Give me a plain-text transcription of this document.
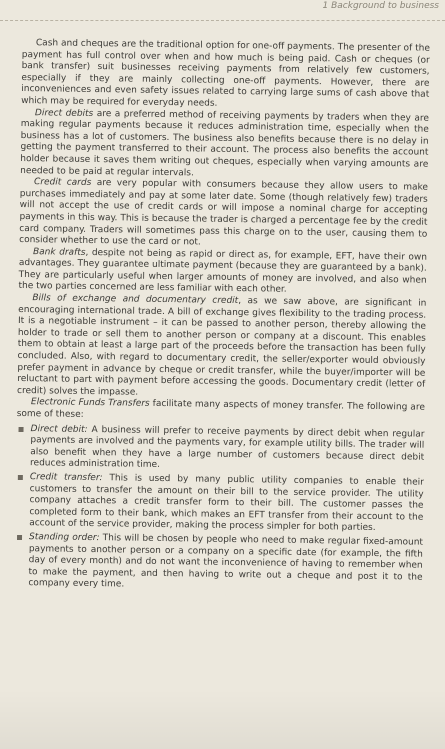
1 Background to business

Cash and cheques are the traditional option for one-off payments. The presenter of the payment has full control over when and how much is being paid. Cash or cheques (or bank transfer) suit businesses receiving payments from relatively few customers, especially if they are mainly collecting one-off payments. However, there are inconveniences and even safety issues related to carrying large sums of cash above that which may be required for everyday needs.

Direct debits are a preferred method of receiving payments by traders when they are making regular payments because it reduces administration time, especially when the business has a lot of customers. The business also benefits because there is no delay in getting the payment transferred to their account. The process also benefits the account holder because it saves them writing out cheques, especially when varying amounts are needed to be paid at regular intervals.

Credit cards are very popular with consumers because they allow users to make purchases immediately and pay at some later date. Some (though relatively few) traders will not accept the use of credit cards or will impose a nominal charge for accepting payments in this way. This is because the trader is charged a percentage fee by the credit card company. Traders will sometimes pass this charge on to the user, causing them to consider whether to use the card or not.

Bank drafts, despite not being as rapid or direct as, for example, EFT, have their own advantages. They guarantee ultimate payment (because they are guaranteed by a bank). They are particularly useful when larger amounts of money are involved, and also when the two parties concerned are less familiar with each other.

Bills of exchange and documentary credit, as we saw above, are significant in encouraging international trade. A bill of exchange gives flexibility to the trading process. It is a negotiable instrument – it can be passed to another person, thereby allowing the holder to trade or sell them to another person or company at a discount. This enables them to obtain at least a large part of the proceeds before the transaction has been fully concluded. Also, with regard to documentary credit, the seller/exporter would obviously prefer payment in advance by cheque or credit transfer, while the buyer/importer will be reluctant to part with payment before accessing the goods. Documentary credit (letter of credit) solves the impasse.

Electronic Funds Transfers facilitate many aspects of money transfer. The following are some of these:

Direct debit: A business will prefer to receive payments by direct debit when regular payments are involved and the payments vary, for example utility bills. The trader will also benefit when they have a large number of customers because direct debit reduces administration time.
Credit transfer: This is used by many public utility companies to enable their customers to transfer the amount on their bill to the service provider. The utility company attaches a credit transfer form to their bill. The customer passes the completed form to their bank, which makes an EFT transfer from their account to the account of the service provider, making the process simpler for both parties.
Standing order: This will be chosen by people who need to make regular fixed-amount payments to another person or a company on a specific date (for example, the fifth day of every month) and do not want the inconvenience of having to remember when to make the payment, and then having to write out a cheque and post it to the company every time.
